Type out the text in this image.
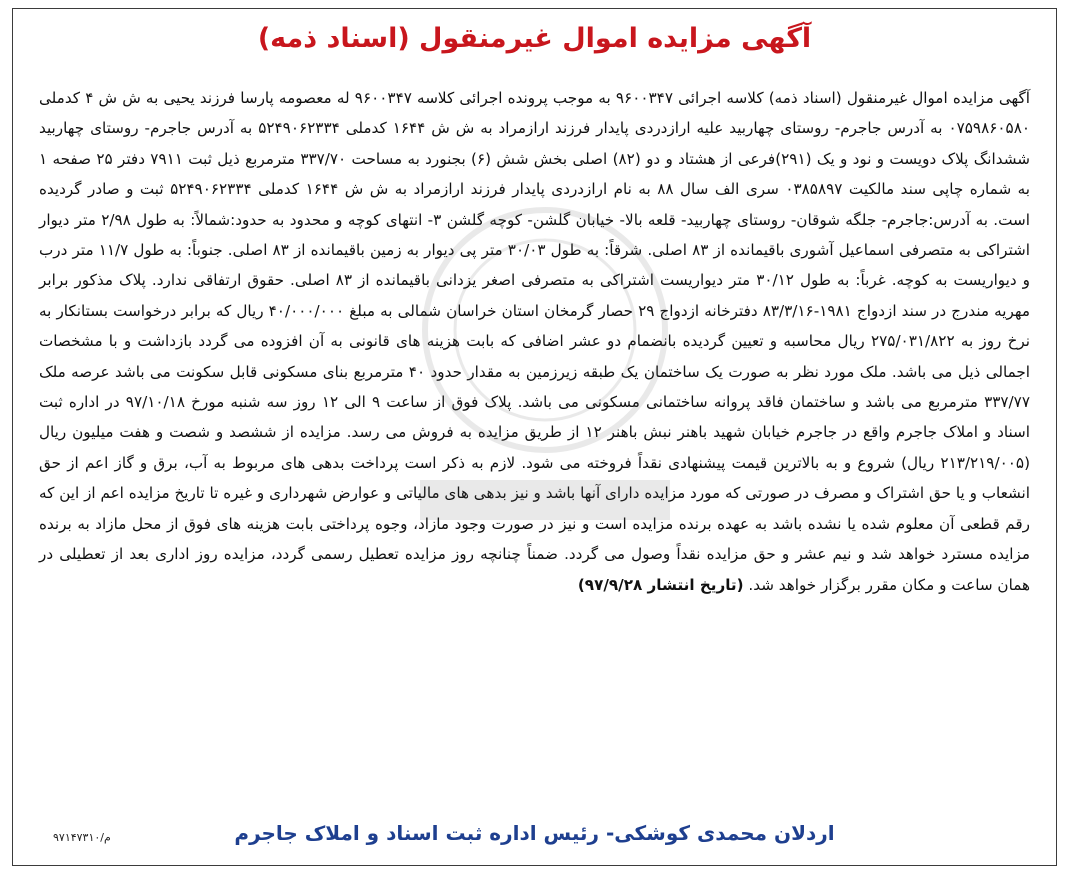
آگهی مزایده اموال غیرمنقول (اسناد ذمه)

آگهی مزایده اموال غیرمنقول (اسناد ذمه) کلاسه اجرائی ۹۶۰۰۳۴۷ به موجب پرونده اجرائی کلاسه ۹۶۰۰۳۴۷ له معصومه پارسا فرزند یحیی به ش ش ۴ کدملی ۰۷۵۹۸۶۰۵۸۰ به آدرس جاجرم- روستای چهاربید علیه ارازدردی پایدار فرزند ارازمراد به ش ش ۱۶۴۴ کدملی ۵۲۴۹۰۶۲۳۳۴ به آدرس جاجرم- روستای چهاربید ششدانگ پلاک دویست و نود و یک (۲۹۱)فرعی از هشتاد و دو (۸۲) اصلی بخش شش (۶) بجنورد به مساحت ۳۳۷/۷۰ مترمربع ذیل ثبت ۷۹۱۱ دفتر ۲۵ صفحه ۱ به شماره چاپی سند مالکیت ۰۳۸۵۸۹۷ سری الف سال ۸۸ به نام ارازدردی پایدار فرزند ارازمراد به ش ش ۱۶۴۴ کدملی ۵۲۴۹۰۶۲۳۳۴ ثبت و صادر گردیده است. به آدرس:جاجرم- جلگه شوقان- روستای چهاربید- قلعه بالا- خیابان گلشن- کوچه گلشن ۳- انتهای کوچه و محدود به حدود:شمالاً: به طول ۲/۹۸ متر دیوار اشتراکی به متصرفی اسماعیل آشوری باقیمانده از ۸۳ اصلی. شرقاً: به طول ۳۰/۰۳ متر پی دیوار به زمین باقیمانده از ۸۳ اصلی. جنوباً: به طول ۱۱/۷ متر درب و دیواریست به کوچه. غرباً: به طول ۳۰/۱۲ متر دیواریست اشتراکی به متصرفی اصغر یزدانی باقیمانده از ۸۳ اصلی. حقوق ارتفاقی ندارد. پلاک مذکور برابر مهریه مندرج در سند ازدواج ۱۹۸۱-۸۳/۳/۱۶ دفترخانه ازدواج ۲۹ حصار گرمخان استان خراسان شمالی به مبلغ ۴۰/۰۰۰/۰۰۰ ریال که برابر درخواست بستانکار به نرخ روز به ۲۷۵/۰۳۱/۸۲۲ ریال محاسبه و تعیین گردیده بانضمام دو عشر اضافی که بابت هزینه های قانونی به آن افزوده می گردد بازداشت و با مشخصات اجمالی ذیل می باشد. ملک مورد نظر به صورت یک ساختمان یک طبقه زیرزمین به مقدار حدود ۴۰ مترمربع بنای مسکونی قابل سکونت می باشد عرصه ملک ۳۳۷/۷۷ مترمربع می باشد و ساختمان فاقد پروانه ساختمانی مسکونی می باشد. پلاک فوق از ساعت ۹ الی ۱۲ روز سه شنبه مورخ ۹۷/۱۰/۱۸ در اداره ثبت اسناد و املاک جاجرم واقع در جاجرم خیابان شهید باهنر نبش باهنر ۱۲ از طریق مزایده به فروش می رسد. مزایده از ششصد و شصت و هفت میلیون ریال (۲۱۳/۲۱۹/۰۰۵ ریال) شروع و به بالاترین قیمت پیشنهادی نقداً فروخته می شود. لازم به ذکر است پرداخت بدهی های مربوط به آب، برق و گاز اعم از حق انشعاب و یا حق اشتراک و مصرف در صورتی که مورد مزایده دارای آنها باشد و نیز بدهی های مالیاتی و عوارض شهرداری و غیره تا تاریخ مزایده اعم از این که رقم قطعی آن معلوم شده یا نشده باشد به عهده برنده مزایده است و نیز در صورت وجود مازاد، وجوه پرداختی بابت هزینه های فوق از محل مازاد به برنده مزایده مسترد خواهد شد و نیم عشر و حق مزایده نقداً وصول می گردد. ضمناً چنانچه روز مزایده تعطیل رسمی گردد، مزایده روز اداری بعد از تعطیلی در همان ساعت و مکان مقرر برگزار خواهد شد. (تاریخ انتشار ۹۷/۹/۲۸)

اردلان محمدی کوشکی- رئیس اداره ثبت اسناد و املاک جاجرم

م/۹۷۱۴۷۳۱۰
